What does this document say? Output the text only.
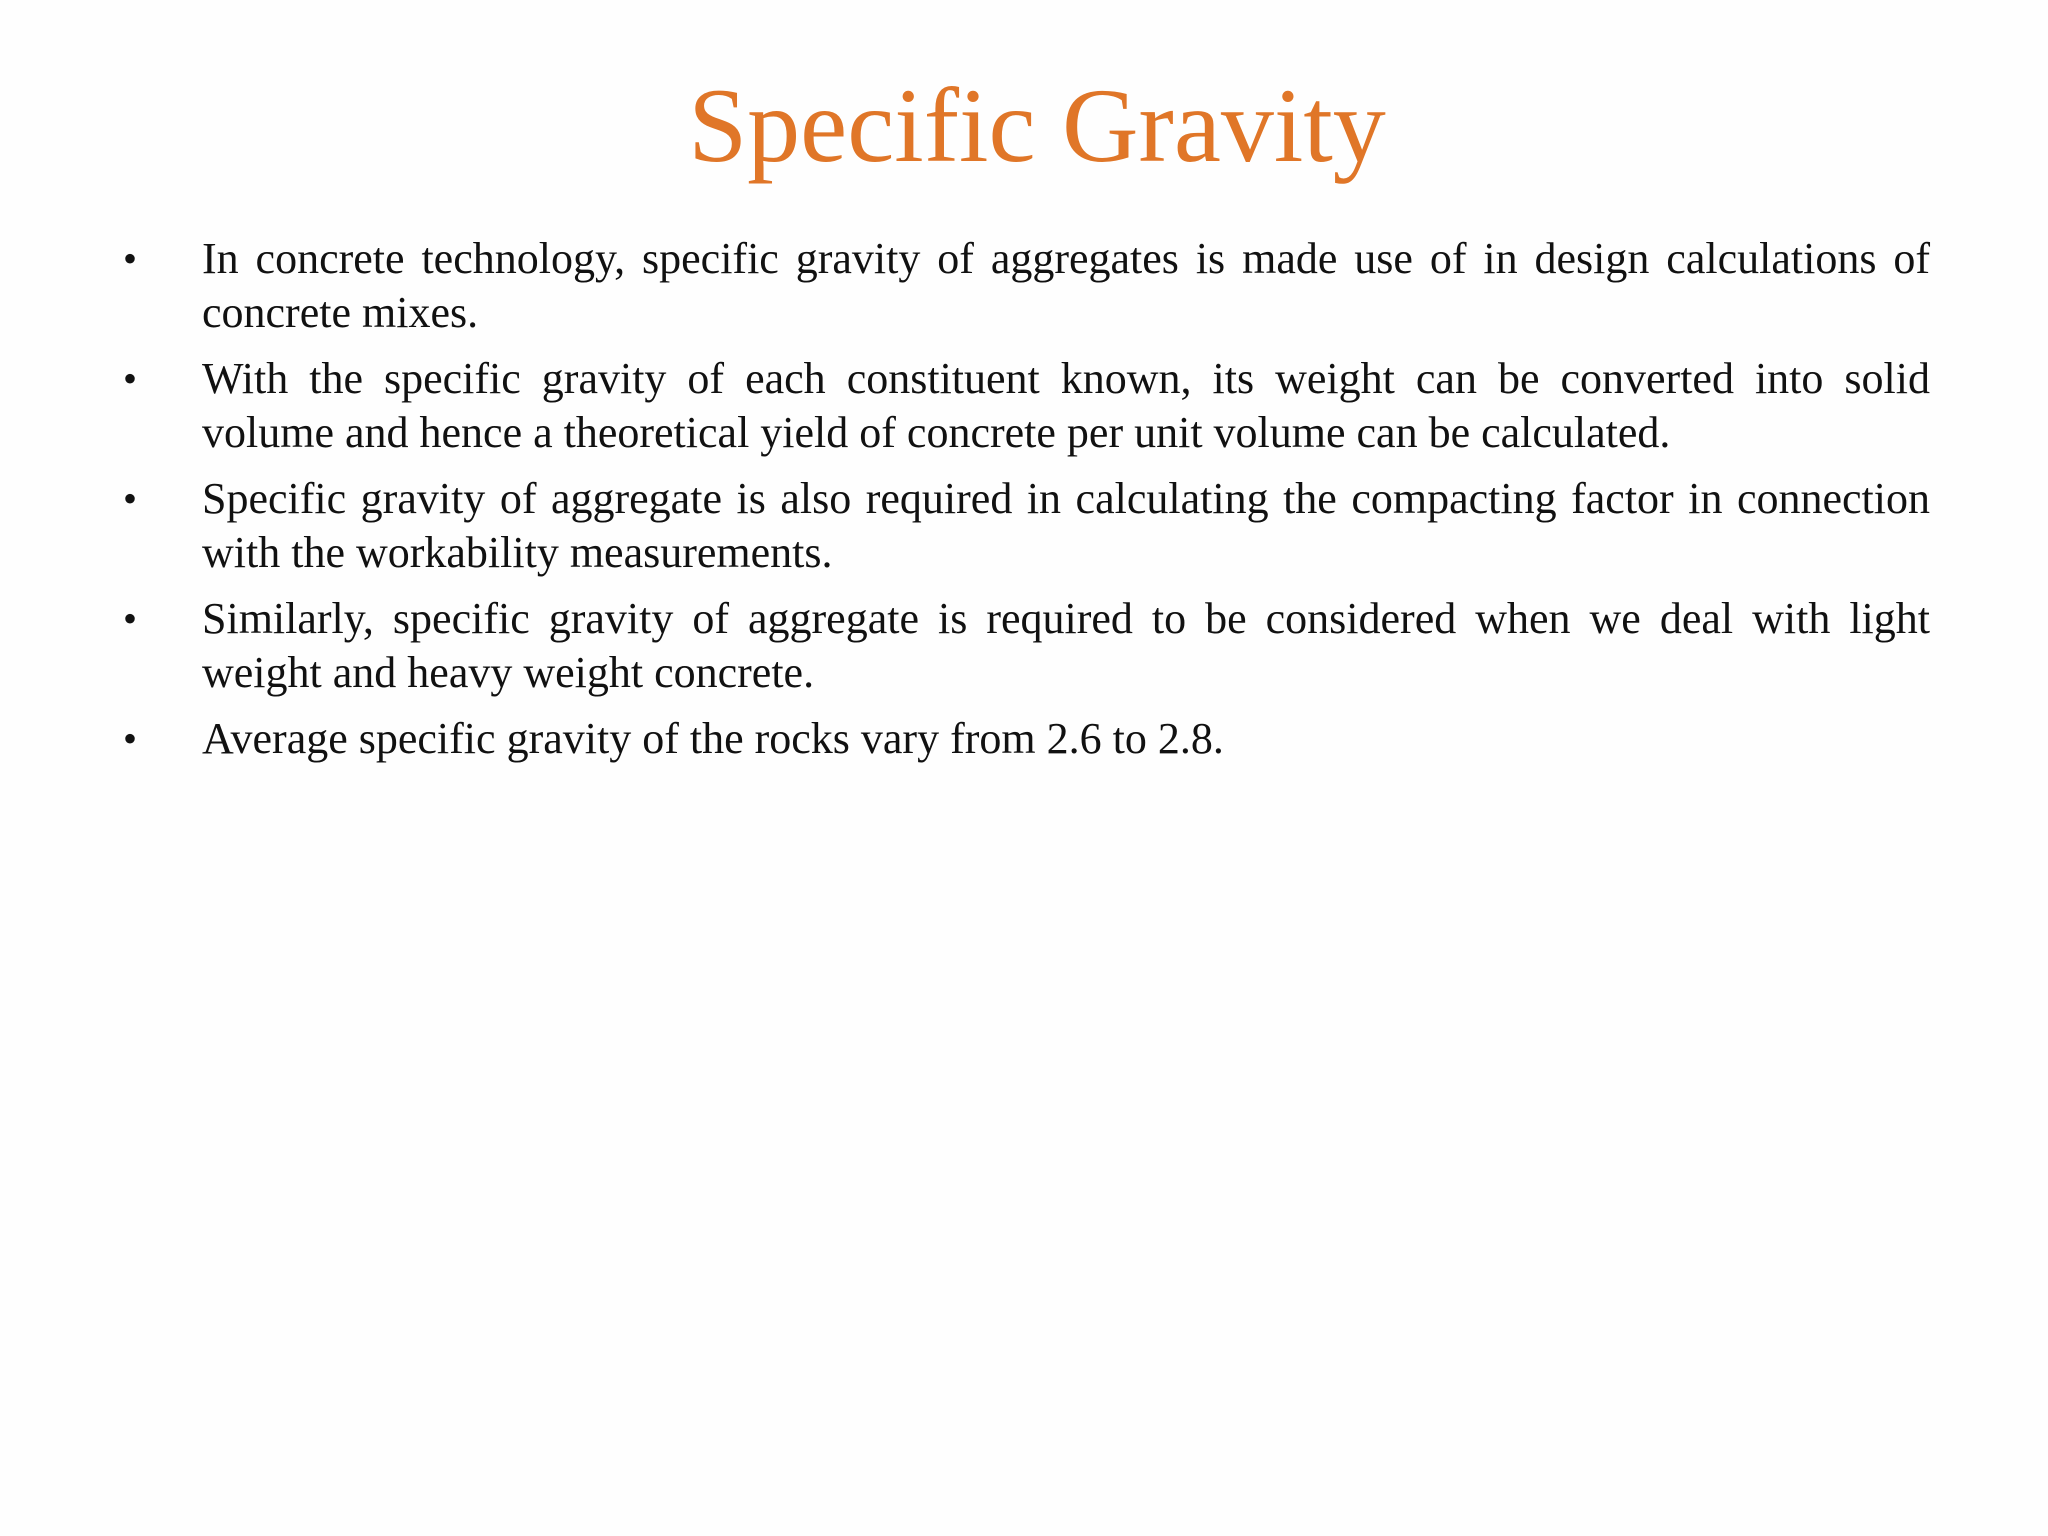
Specific Gravity
•	In concrete technology, specific gravity of aggregates is made use of in design calculations of concrete mixes.
•	With the specific gravity of each constituent known, its weight can be converted into solid volume and hence a theoretical yield of concrete per unit volume can be calculated.
•	Specific gravity of aggregate is also required in calculating the compacting factor in connection with the workability measurements.
•	Similarly, specific gravity of aggregate is required to be considered when we deal with light weight and heavy weight concrete.
•	Average specific gravity of the rocks vary from 2.6 to 2.8.
